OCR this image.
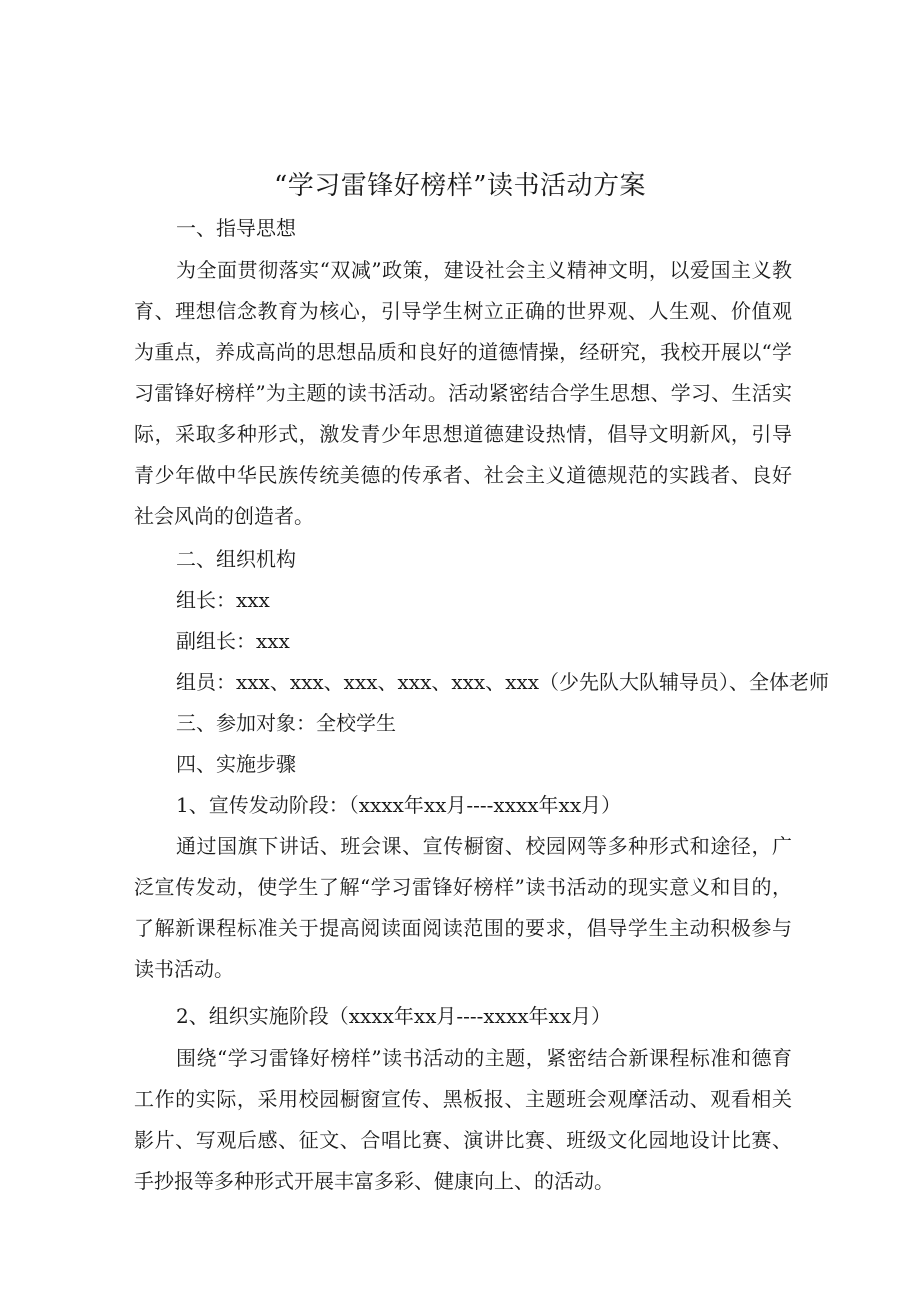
“学习雷锋好榜样”读书活动方案
一、指导思想

为全面贯彻落实“双减”政策，建设社会主义精神文明，以爱国主义教育、理想信念教育为核心，引导学生树立正确的世界观、人生观、价值观为重点，养成高尚的思想品质和良好的道德情操，经研究，我校开展以“学习雷锋好榜样”为主题的读书活动。活动紧密结合学生思想、学习、生活实际，采取多种形式，激发青少年思想道德建设热情，倡导文明新风，引导青少年做中华民族传统美德的传承者、社会主义道德规范的实践者、良好社会风尚的创造者。

二、组织机构
组长：xxx
副组长：xxx
组员：xxx、xxx、xxx、xxx、xxx、xxx（少先队大队辅导员）、全体老师
三、参加对象：全校学生
四、实施步骤
1、宣传发动阶段：（xxxx年xx月----xxxx年xx月）

通过国旗下讲话、班会课、宣传橱窗、校园网等多种形式和途径，广泛宣传发动，使学生了解“学习雷锋好榜样”读书活动的现实意义和目的，了解新课程标准关于提高阅读面阅读范围的要求，倡导学生主动积极参与读书活动。

2、组织实施阶段（xxxx年xx月----xxxx年xx月）

围绕“学习雷锋好榜样”读书活动的主题，紧密结合新课程标准和德育工作的实际，采用校园橱窗宣传、黑板报、主题班会观摩活动、观看相关影片、写观后感、征文、合唱比赛、演讲比赛、班级文化园地设计比赛、手抄报等多种形式开展丰富多彩、健康向上、的活动。
